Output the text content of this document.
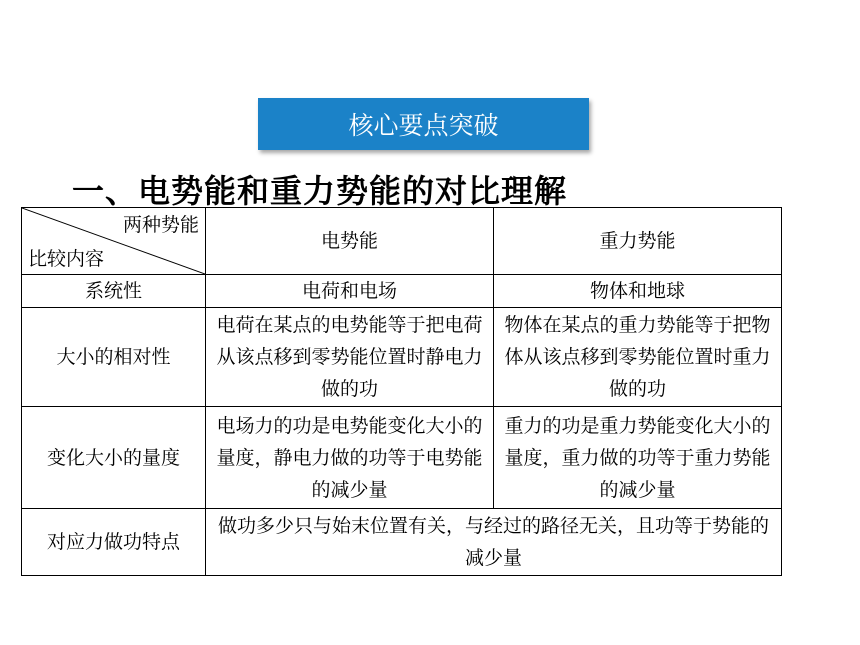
核心要点突破
一、电势能和重力势能的对比理解
两种势能
比较内容	电势能	重力势能
系统性	电荷和电场	物体和地球
大小的相对性	电荷在某点的电势能等于把电荷从该点移到零势能位置时静电力做的功	物体在某点的重力势能等于把物体从该点移到零势能位置时重力做的功
变化大小的量度	电场力的功是电势能变化大小的量度，静电力做的功等于电势能的减少量	重力的功是重力势能变化大小的量度，重力做的功等于重力势能的减少量
对应力做功特点	做功多少只与始末位置有关，与经过的路径无关，且功等于势能的减少量	
